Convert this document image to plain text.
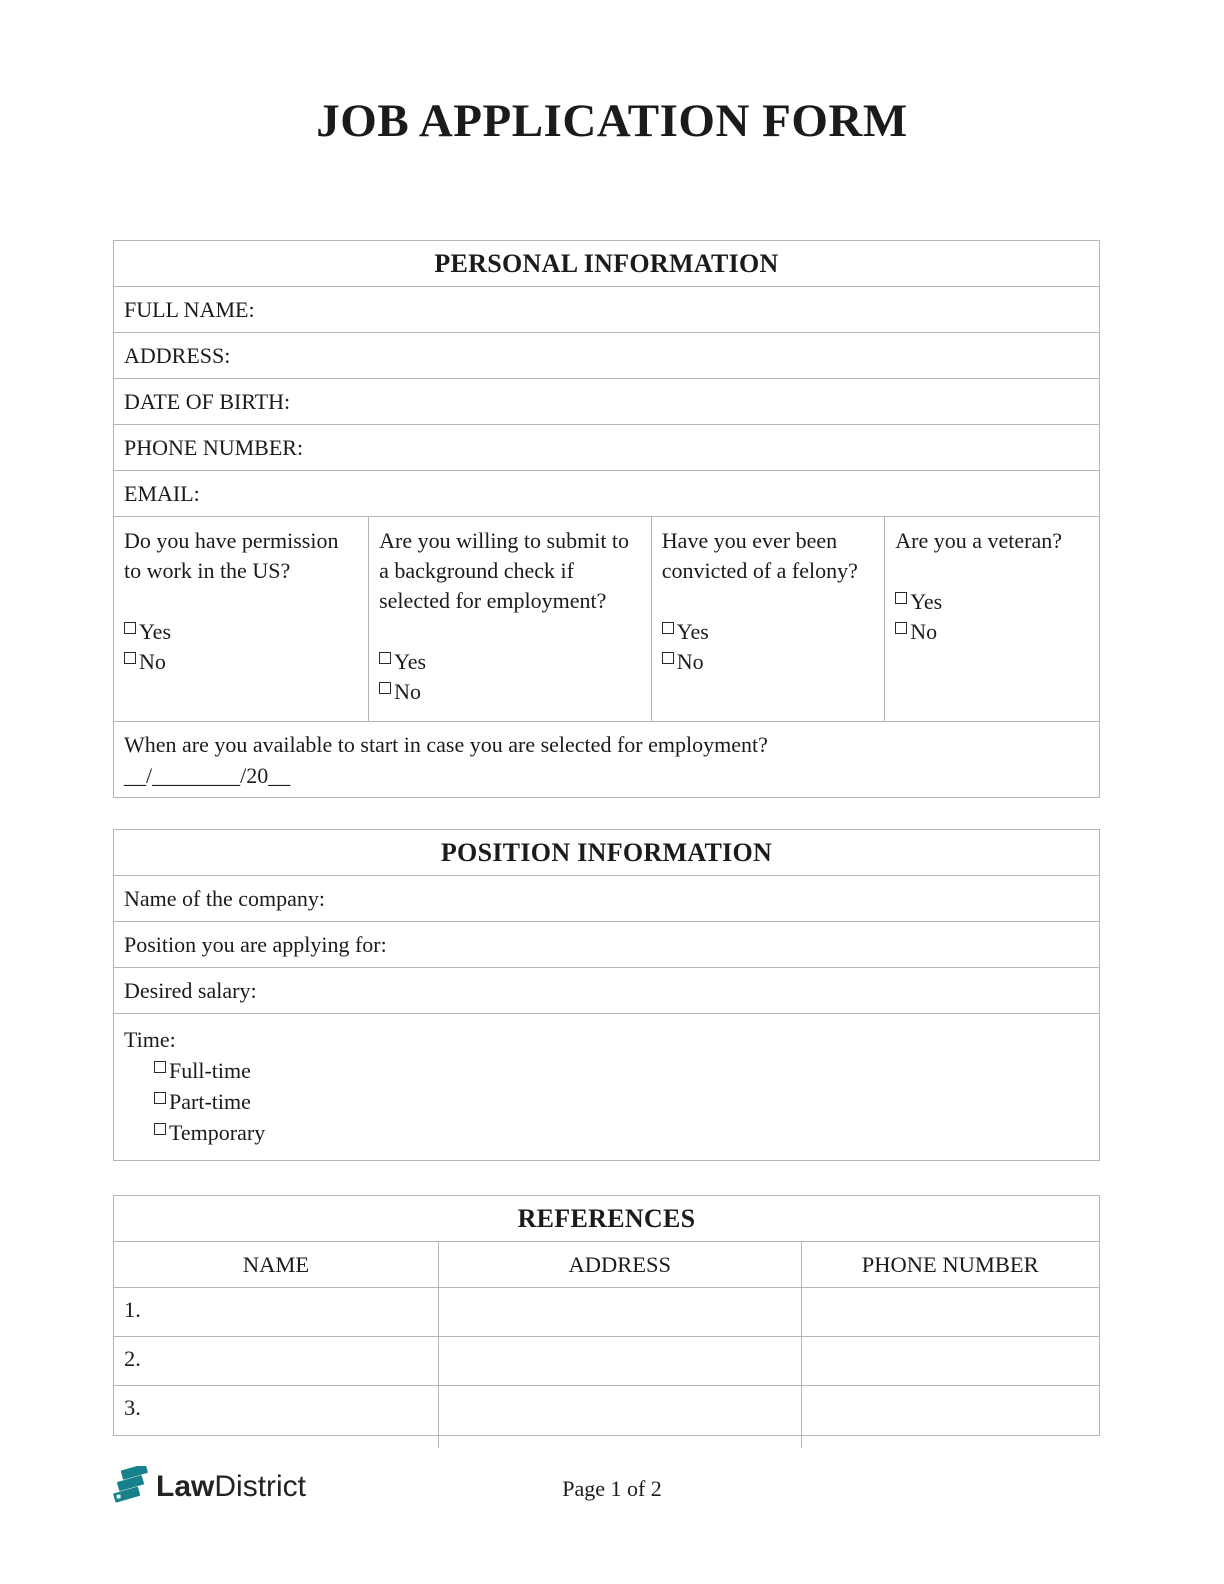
JOB APPLICATION FORM
PERSONAL INFORMATION
FULL NAME:
ADDRESS:
DATE OF BIRTH:
PHONE NUMBER:
EMAIL:
Do you have permission to work in the US?
Yes
No
Are you willing to submit to a background check if selected for employment?
Yes
No
Have you ever been convicted of a felony?
Yes
No
Are you a veteran?
Yes
No
When are you available to start in case you are selected for employment?
__/________/20__
POSITION INFORMATION
Name of the company:
Position you are applying for:
Desired salary:
Time:
Full-time
Part-time
Temporary
REFERENCES
NAME	ADDRESS	PHONE NUMBER
1.
2.
3.
Law District	Page 1 of 2
